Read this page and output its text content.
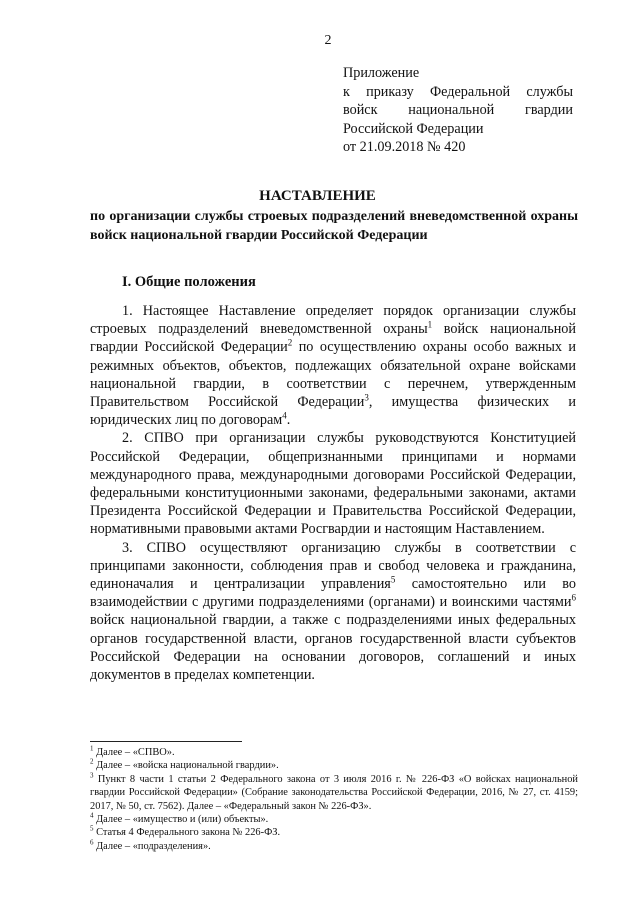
2
Приложение
к приказу Федеральной службы
войск национальной гвардии
Российской Федерации
от 21.09.2018 № 420
НАСТАВЛЕНИЕ
по организации службы строевых подразделений вневедомственной охраны войск национальной гвардии Российской Федерации
I. Общие положения

1. Настоящее Наставление определяет порядок организации службы строевых подразделений вневедомственной охраны$^1$ войск национальной гвардии Российской Федерации$^2$ по осуществлению охраны особо важных и режимных объектов, объектов, подлежащих обязательной охране войсками национальной гвардии, в соответствии с перечнем, утвержденным Правительством Российской Федерации$^3$, имущества физических и юридических лиц по договорам$^4$.

2. СПВО при организации службы руководствуются Конституцией Российской Федерации, общепризнанными принципами и нормами международного права, международными договорами Российской Федерации, федеральными конституционными законами, федеральными законами, актами Президента Российской Федерации и Правительства Российской Федерации, нормативными правовыми актами Росгвардии и настоящим Наставлением.

3. СПВО осуществляют организацию службы в соответствии с принципами законности, соблюдения прав и свобод человека и гражданина, единоначалия и централизации управления$^5$ самостоятельно или во взаимодействии с другими подразделениями (органами) и воинскими частями$^6$ войск национальной гвардии, а также с подразделениями иных федеральных органов государственной власти, органов государственной власти субъектов Российской Федерации на основании договоров, соглашений и иных документов в пределах компетенции.

$^1$ Далее – «СПВО».
$^2$ Далее – «войска национальной гвардии».
$^3$ Пункт 8 части 1 статьи 2 Федерального закона от 3 июля 2016 г. № 226-ФЗ «О войсках национальной гвардии Российской Федерации» (Собрание законодательства Российской Федерации, 2016, № 27, ст. 4159; 2017, № 50, ст. 7562). Далее – «Федеральный закон № 226-ФЗ».
$^4$ Далее – «имущество и (или) объекты».
$^5$ Статья 4 Федерального закона № 226-ФЗ.
$^6$ Далее – «подразделения».
